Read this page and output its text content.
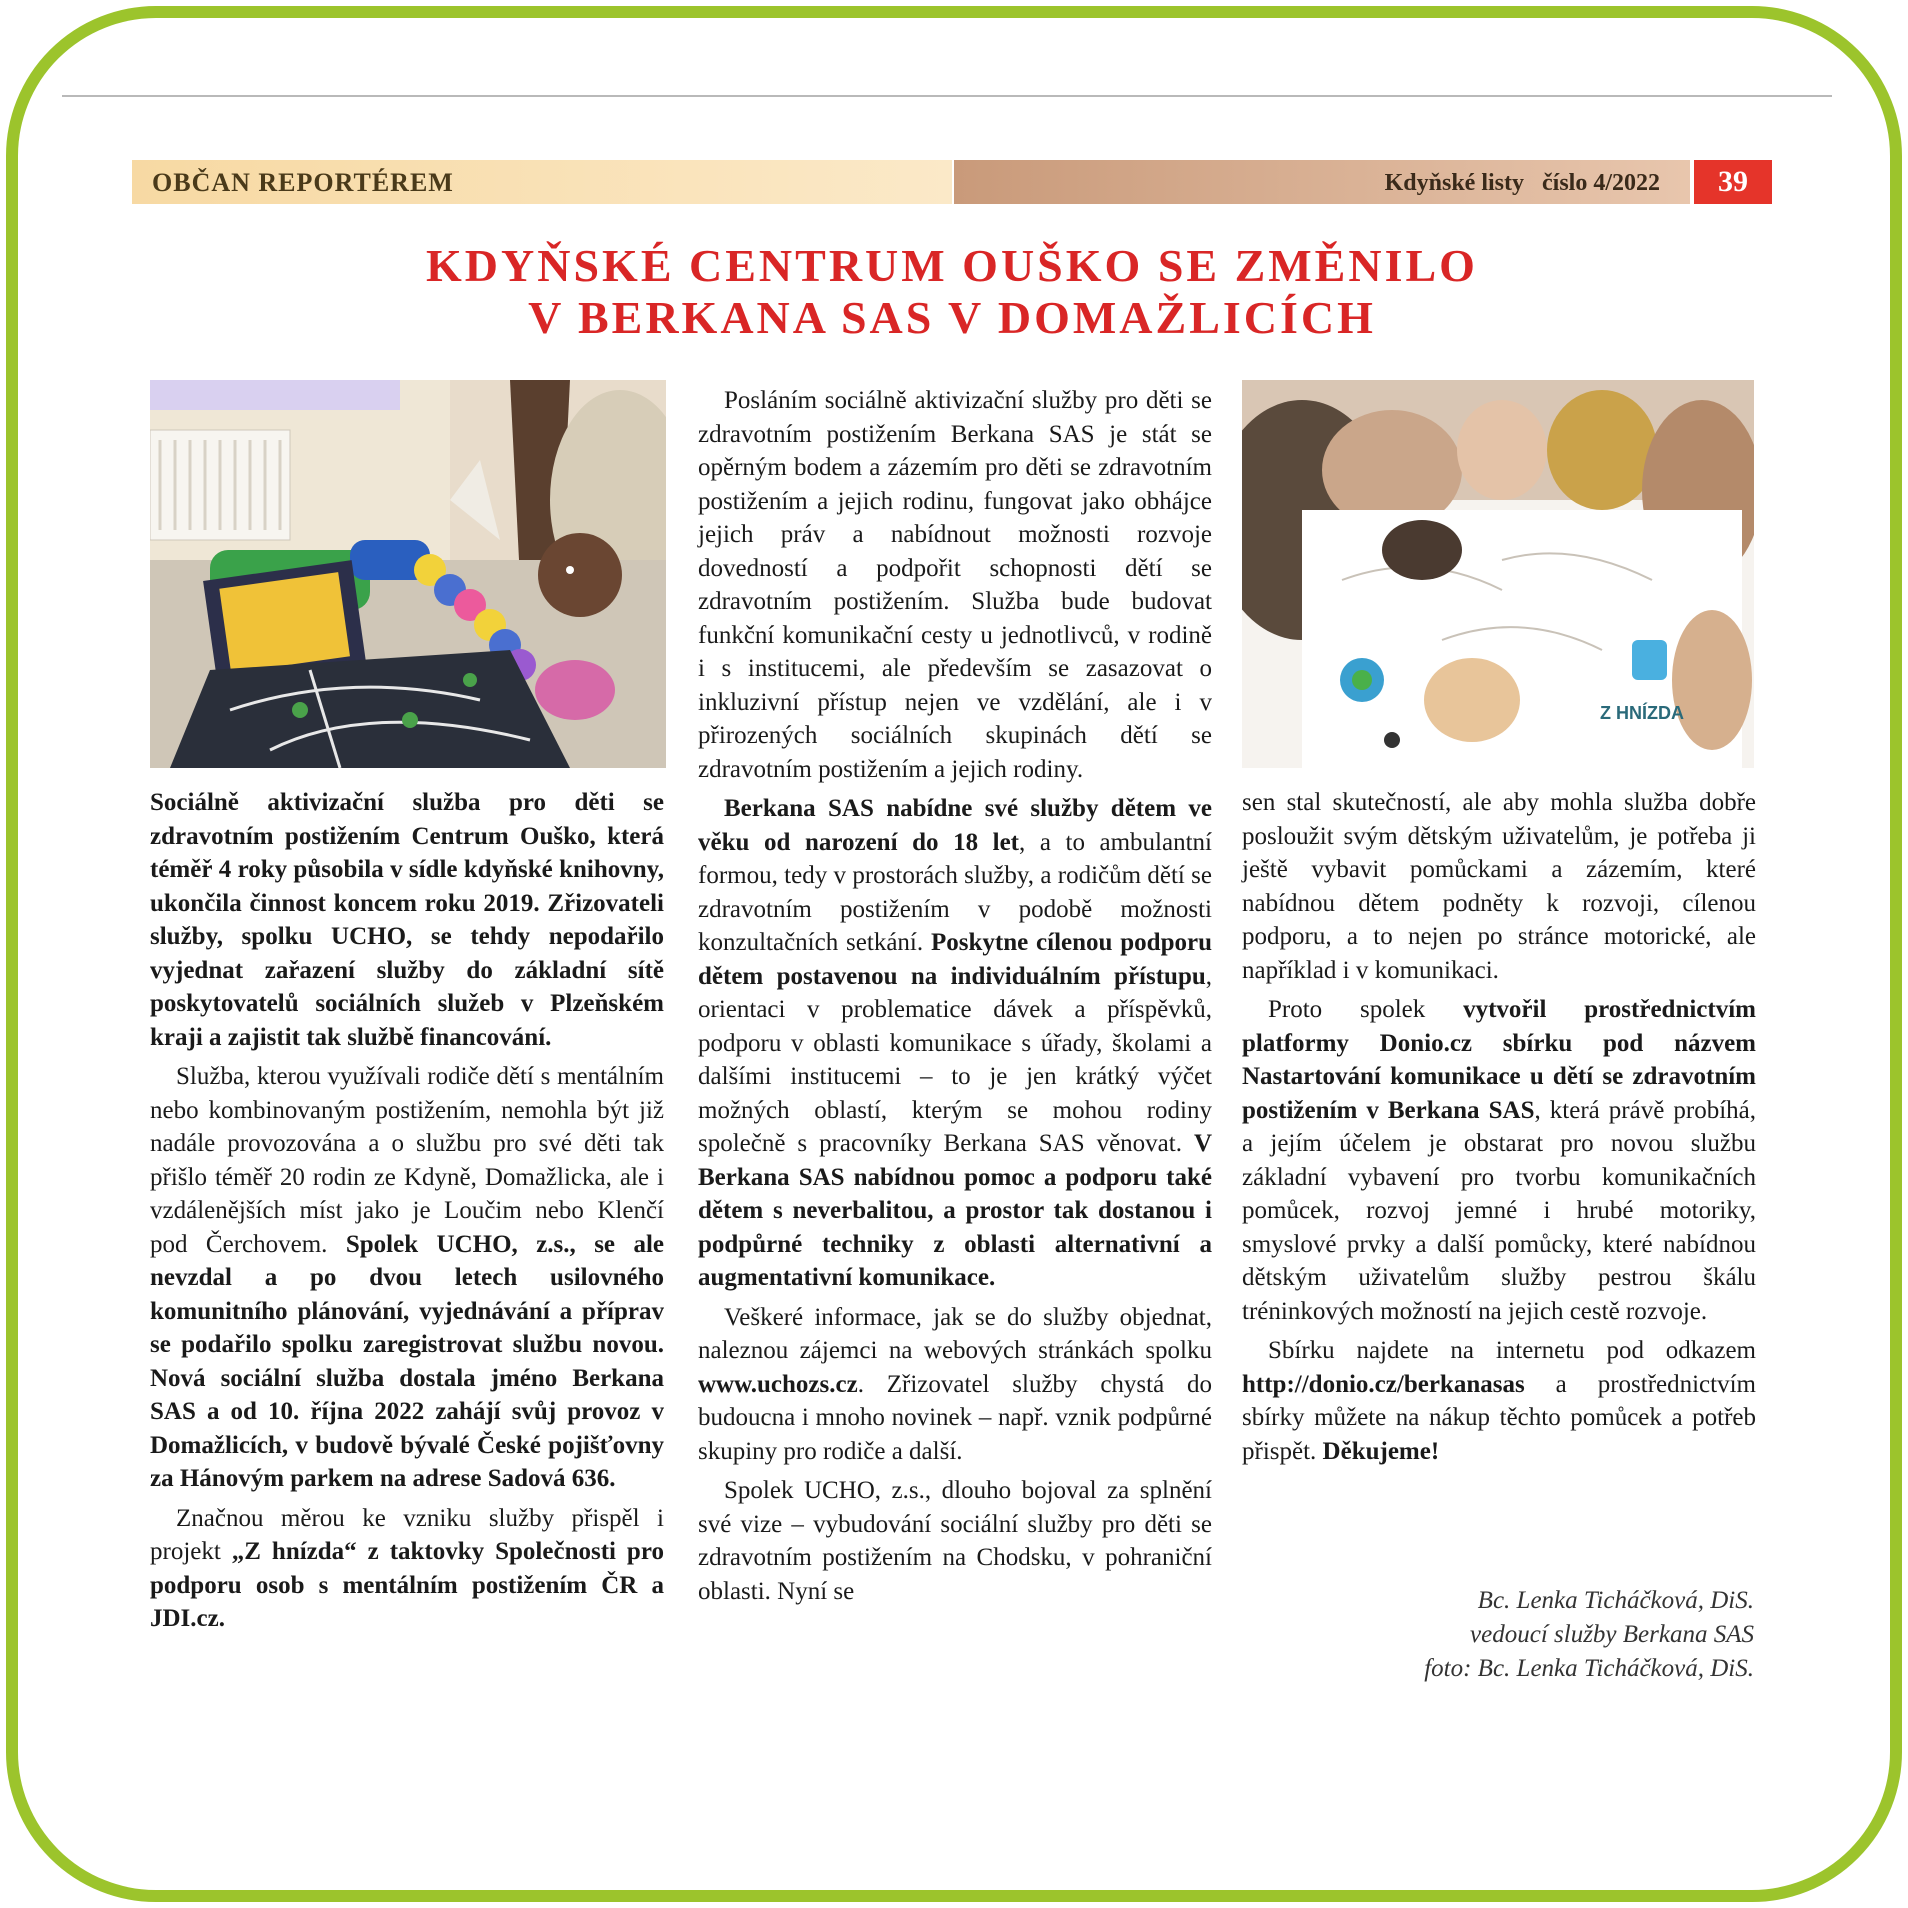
OBČAN REPORTÉREM	Kdyňské listy   číslo 4/2022	39
KDYŇSKÉ CENTRUM OUŠKO SE ZMĚNILO
V BERKANA SAS V DOMAŽLICÍCH
Z HNÍZDA

Sociálně aktivizační služba pro děti se zdravotním postižením Centrum Ouško, která téměř 4 roky působila v sídle kdyňské knihovny, ukončila činnost koncem roku 2019. Zřizovateli služby, spolku UCHO, se tehdy nepodařilo vyjednat zařazení služby do základní sítě poskytovatelů sociálních služeb v Plzeňském kraji a zajistit tak službě financování.

Služba, kterou využívali rodiče dětí s mentálním nebo kombinovaným postižením, nemohla být již nadále provozována a o službu pro své děti tak přišlo téměř 20 rodin ze Kdyně, Domažlicka, ale i vzdálenějších míst jako je Loučim nebo Klenčí pod Čerchovem. Spolek UCHO, z.s., se ale nevzdal a po dvou letech usilovného komunitního plánování, vyjednávání a příprav se podařilo spolku zaregistrovat službu novou. Nová sociální služba dostala jméno Berkana SAS a od 10. října 2022 zahájí svůj provoz v Domažlicích, v budově bývalé České pojišťovny za Hánovým parkem na adrese Sadová 636.

Značnou měrou ke vzniku služby přispěl i projekt „Z hnízda“ z taktovky Společnosti pro podporu osob s mentálním postižením ČR a JDI.cz.

Posláním sociálně aktivizační služby pro děti se zdravotním postižením Berkana SAS je stát se opěrným bodem a zázemím pro děti se zdravotním postižením a jejich rodinu, fungovat jako obhájce jejich práv a nabídnout možnosti rozvoje dovedností a podpořit schopnosti dětí se zdravotním postižením. Služba bude budovat funkční komunikační cesty u jednotlivců, v rodině i s institucemi, ale především se zasazovat o inkluzivní přístup nejen ve vzdělání, ale i v přirozených sociálních skupinách dětí se zdravotním postižením a jejich rodiny.

Berkana SAS nabídne své služby dětem ve věku od narození do 18 let, a to ambulantní formou, tedy v prostorách služby, a rodičům dětí se zdravotním postižením v podobě možnosti konzultačních setkání. Poskytne cílenou podporu dětem postavenou na individuálním přístupu, orientaci v problematice dávek a příspěvků, podporu v oblasti komunikace s úřady, školami a dalšími institucemi – to je jen krátký výčet možných oblastí, kterým se mohou rodiny společně s pracovníky Berkana SAS věnovat. V Berkana SAS nabídnou pomoc a podporu také dětem s neverbalitou, a prostor tak dostanou i podpůrné techniky z oblasti alternativní a augmentativní komunikace.

Veškeré informace, jak se do služby objednat, naleznou zájemci na webových stránkách spolku www.uchozs.cz. Zřizovatel služby chystá do budoucna i mnoho novinek – např. vznik podpůrné skupiny pro rodiče a další.

Spolek UCHO, z.s., dlouho bojoval za splnění své vize – vybudování sociální služby pro děti se zdravotním postižením na Chodsku, v pohraniční oblasti. Nyní se

sen stal skutečností, ale aby mohla služba dobře posloužit svým dětským uživatelům, je potřeba ji ještě vybavit pomůckami a zázemím, které nabídnou dětem podněty k rozvoji, cílenou podporu, a to nejen po stránce motorické, ale například i v komunikaci.

Proto spolek vytvořil prostřednictvím platformy Donio.cz sbírku pod názvem Nastartování komunikace u dětí se zdravotním postižením v Berkana SAS, která právě probíhá, a jejím účelem je obstarat pro novou službu základní vybavení pro tvorbu komunikačních pomůcek, rozvoj jemné i hrubé motoriky, smyslové prvky a další pomůcky, které nabídnou dětským uživatelům služby pestrou škálu tréninkových možností na jejich cestě rozvoje.

Sbírku najdete na internetu pod odkazem http://donio.cz/berkanasas a prostřednictvím sbírky můžete na nákup těchto pomůcek a potřeb přispět. Děkujeme!

Bc. Lenka Ticháčková, DiS.
vedoucí služby Berkana SAS
foto: Bc. Lenka Ticháčková, DiS.
